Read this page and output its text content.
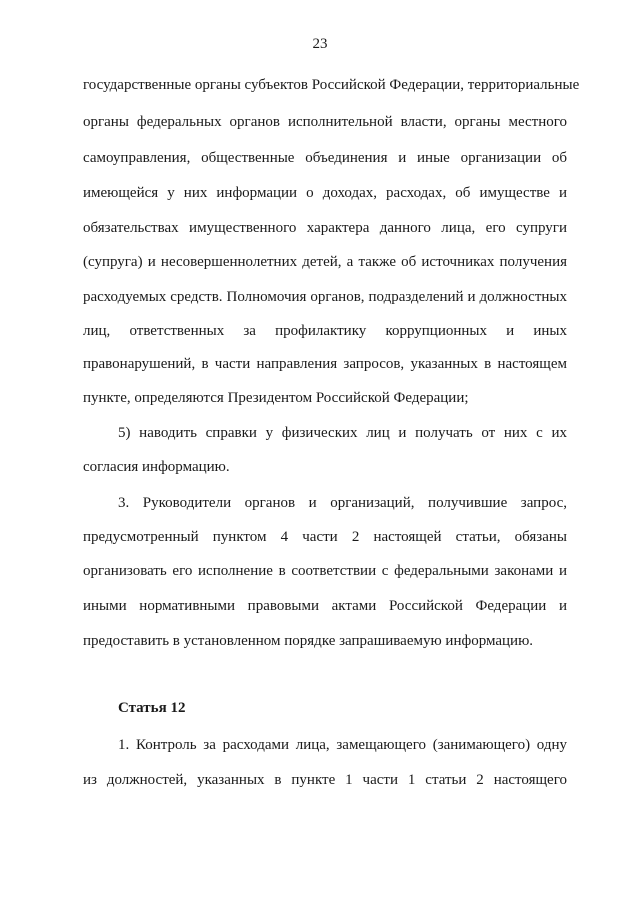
23
государственные органы субъектов Российской Федерации, территориальные
органы федеральных органов исполнительной власти, органы местного
самоуправления, общественные объединения и иные организации об
имеющейся у них информации о доходах, расходах, об имуществе и
обязательствах имущественного характера данного лица, его супруги
(супруга) и несовершеннолетних детей, а также об источниках получения
расходуемых средств. Полномочия органов, подразделений и должностных
лиц, ответственных за профилактику коррупционных и иных
правонарушений, в части направления запросов, указанных в настоящем
пункте, определяются Президентом Российской Федерации;
5) наводить справки у физических лиц и получать от них с их
согласия информацию.
3. Руководители органов и организаций, получившие запрос,
предусмотренный пунктом 4 части 2 настоящей статьи, обязаны
организовать его исполнение в соответствии с федеральными законами и
иными нормативными правовыми актами Российской Федерации и
предоставить в установленном порядке запрашиваемую информацию.
Статья 12
1. Контроль за расходами лица, замещающего (занимающего) одну
из должностей, указанных в пункте 1 части 1 статьи 2 настоящего
